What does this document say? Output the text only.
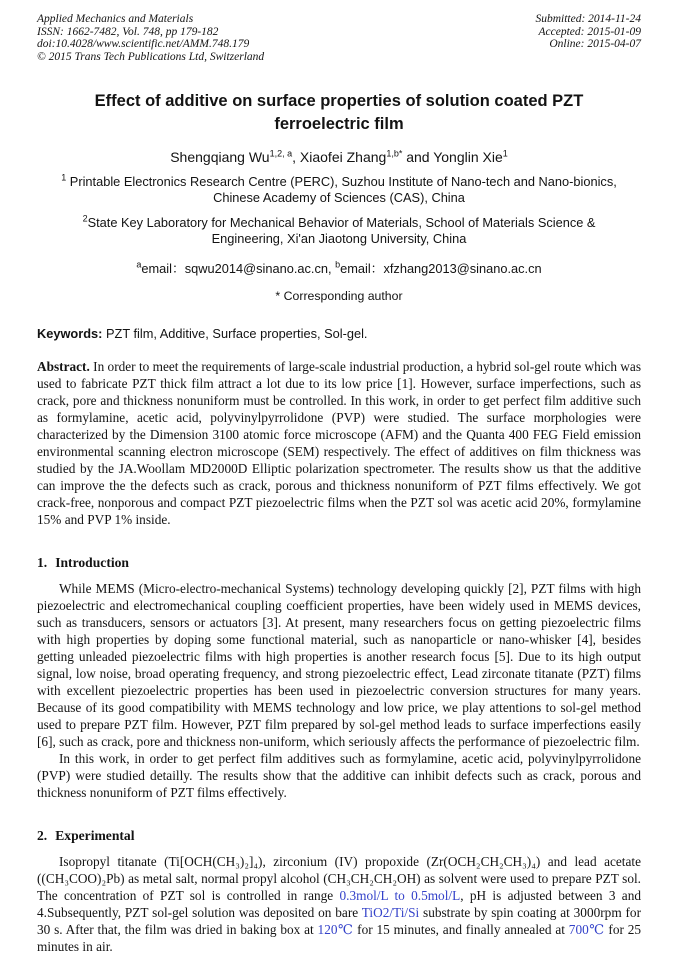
Applied Mechanics and Materials
ISSN: 1662-7482, Vol. 748, pp 179-182
doi:10.4028/www.scientific.net/AMM.748.179
© 2015 Trans Tech Publications Ltd, Switzerland
Submitted: 2014-11-24
Accepted: 2015-01-09
Online: 2015-04-07
Effect of additive on surface properties of solution coated PZT ferroelectric film
Shengqiang Wu$^{1,2, a}$, Xiaofei Zhang$^{1,b*}$ and Yonglin Xie$^1$
$^1$ Printable Electronics Research Centre (PERC), Suzhou Institute of Nano-tech and Nano-bionics, Chinese Academy of Sciences (CAS), China
$^2$State Key Laboratory for Mechanical Behavior of Materials, School of Materials Science & Engineering, Xi'an Jiaotong University, China
$^a$email：sqwu2014@sinano.ac.cn, $^b$email：xfzhang2013@sinano.ac.cn
* Corresponding author
Keywords: PZT film, Additive, Surface properties, Sol-gel.

Abstract. In order to meet the requirements of large-scale industrial production, a hybrid sol-gel route which was used to fabricate PZT thick film attract a lot due to its low price [1]. However, surface imperfections, such as crack, pore and thickness nonuniform must be controlled. In this work, in order to get perfect film additive such as formylamine, acetic acid, polyvinylpyrrolidone (PVP) were studied. The surface morphologies were characterized by the Dimension 3100 atomic force microscope (AFM) and the Quanta 400 FEG Field emission environmental scanning electron microscope (SEM) respectively. The effect of additives on film thickness was studied by the JA.Woollam MD2000D Elliptic polarization spectrometer. The results show us that the additive can improve the the defects such as crack, porous and thickness nonuniform of PZT films effectively. We got crack-free, nonporous and compact PZT piezoelectric films when the PZT sol was acetic acid 20%, formylamine 15% and PVP 1% inside.

1. Introduction

While MEMS (Micro-electro-mechanical Systems) technology developing quickly [2], PZT films with high piezoelectric and electromechanical coupling coefficient properties, have been widely used in MEMS devices, such as transducers, sensors or actuators [3]. At present, many researchers focus on getting piezoelectric films with high properties by doping some functional material, such as nanoparticle or nano-whisker [4], besides getting unleaded piezoelectric films with high properties is another research focus [5]. Due to its high output signal, low noise, broad operating frequency, and strong piezoelectric effect, Lead zirconate titanate (PZT) films with excellent piezoelectric properties has been used in piezoelectric conversion structures for many years. Because of its good compatibility with MEMS technology and low price, we play attentions to sol-gel method used to prepare PZT film. However, PZT film prepared by sol-gel method leads to surface imperfections easily [6], such as crack, pore and thickness non-uniform, which seriously affects the performance of piezoelectric film.

In this work, in order to get perfect film additives such as formylamine, acetic acid, polyvinylpyrrolidone (PVP) were studied detailly. The results show that the additive can inhibit defects such as crack, porous and thickness nonuniform of PZT films effectively.

2. Experimental

Isopropyl titanate (Ti[OCH(CH₃)₂]₄), zirconium (IV) propoxide (Zr(OCH₂CH₂CH₃)₄) and lead acetate ((CH₃COO)₂Pb) as metal salt, normal propyl alcohol (CH₃CH₂CH₂OH) as solvent were used to prepare PZT sol. The concentration of PZT sol is controlled in range 0.3mol/L to 0.5mol/L, pH is adjusted between 3 and 4.Subsequently, PZT sol-gel solution was deposited on bare TiO2/Ti/Si substrate by spin coating at 3000rpm for 30 s. After that, the film was dried in baking box at 120℃ for 15 minutes, and finally annealed at 700℃ for 25 minutes in air.
